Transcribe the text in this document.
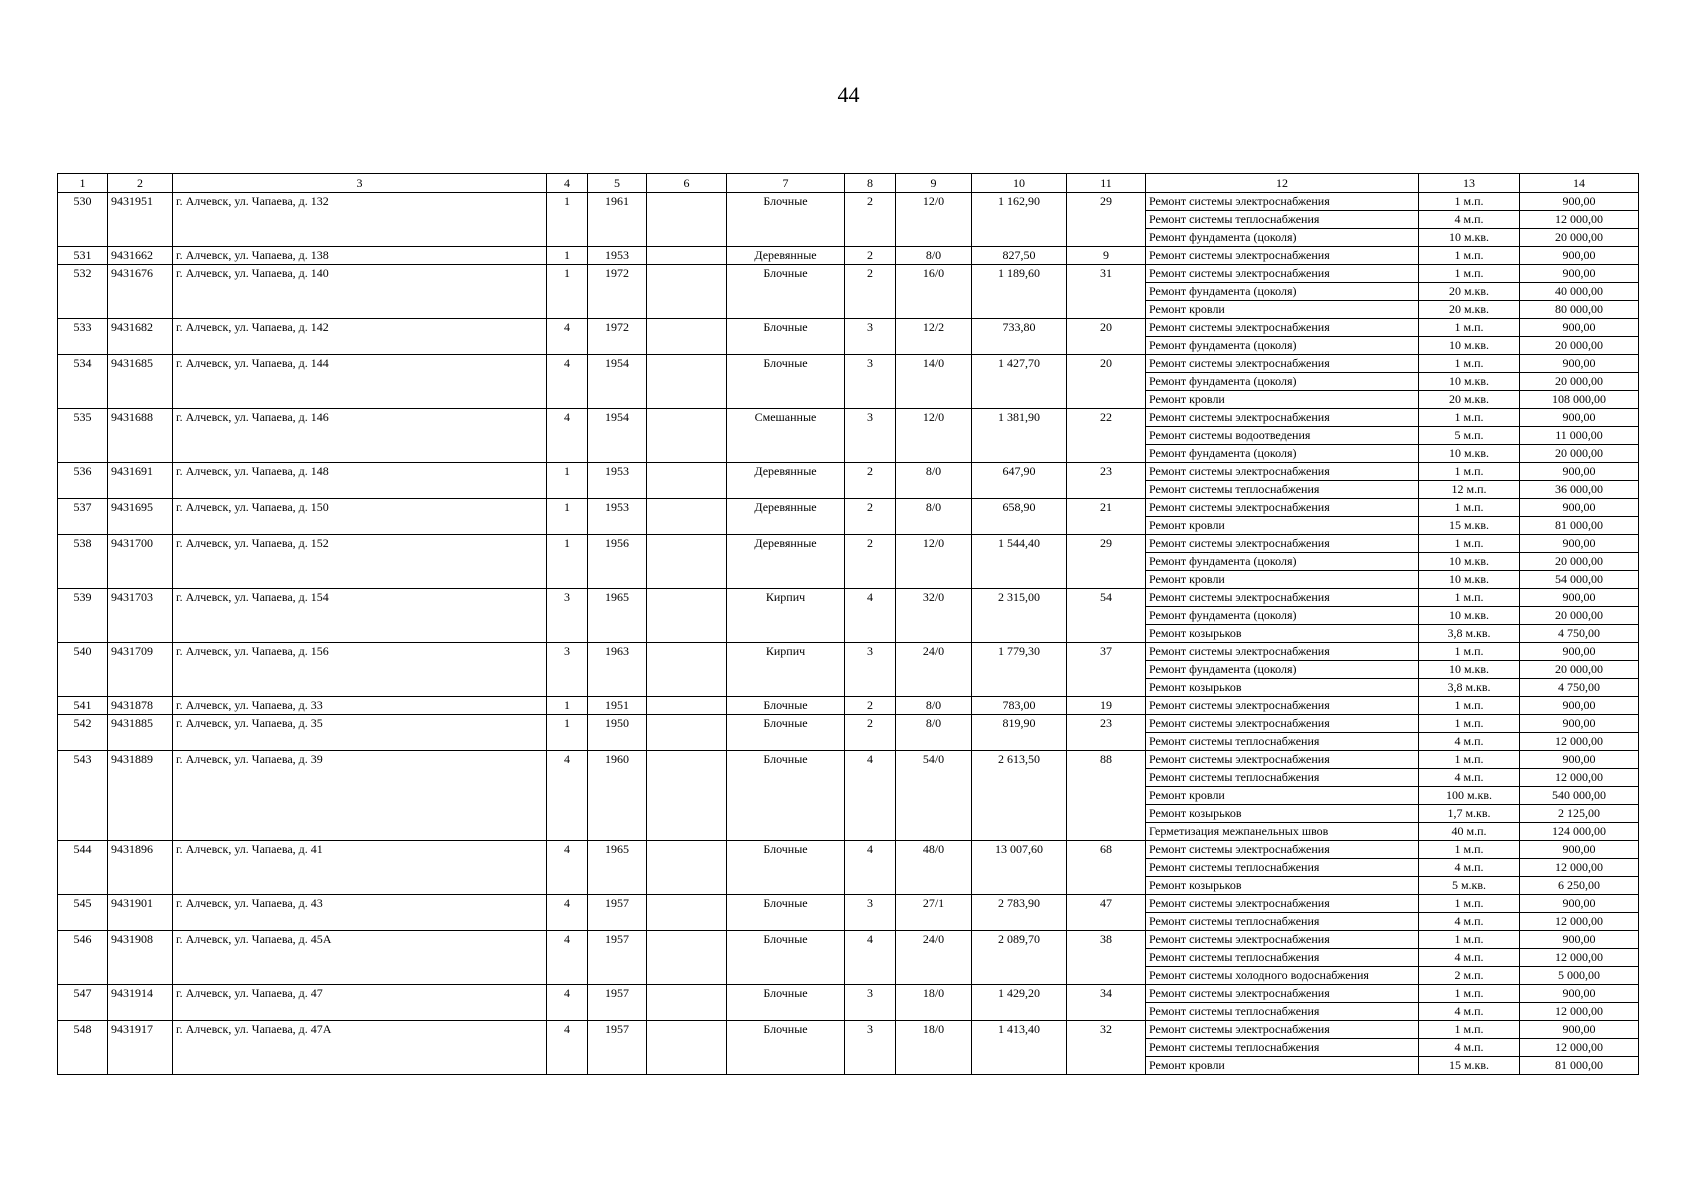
44
1	2	3	4	5	6	7	8	9	10	11	12	13	14
530	9431951	г. Алчевск, ул. Чапаева, д. 132	1	1961		Блочные	2	12/0	1 162,90	29	Ремонт системы электроснабжения	1 м.п.	900,00
											Ремонт системы теплоснабжения	4 м.п.	12 000,00
											Ремонт фундамента (цоколя)	10 м.кв.	20 000,00
531	9431662	г. Алчевск, ул. Чапаева, д. 138	1	1953		Деревянные	2	8/0	827,50	9	Ремонт системы электроснабжения	1 м.п.	900,00
532	9431676	г. Алчевск, ул. Чапаева, д. 140	1	1972		Блочные	2	16/0	1 189,60	31	Ремонт системы электроснабжения	1 м.п.	900,00
											Ремонт фундамента (цоколя)	20 м.кв.	40 000,00
											Ремонт кровли	20 м.кв.	80 000,00
533	9431682	г. Алчевск, ул. Чапаева, д. 142	4	1972		Блочные	3	12/2	733,80	20	Ремонт системы электроснабжения	1 м.п.	900,00
											Ремонт фундамента (цоколя)	10 м.кв.	20 000,00
534	9431685	г. Алчевск, ул. Чапаева, д. 144	4	1954		Блочные	3	14/0	1 427,70	20	Ремонт системы электроснабжения	1 м.п.	900,00
											Ремонт фундамента (цоколя)	10 м.кв.	20 000,00
											Ремонт кровли	20 м.кв.	108 000,00
535	9431688	г. Алчевск, ул. Чапаева, д. 146	4	1954		Смешанные	3	12/0	1 381,90	22	Ремонт системы электроснабжения	1 м.п.	900,00
											Ремонт системы водоотведения	5 м.п.	11 000,00
											Ремонт фундамента (цоколя)	10 м.кв.	20 000,00
536	9431691	г. Алчевск, ул. Чапаева, д. 148	1	1953		Деревянные	2	8/0	647,90	23	Ремонт системы электроснабжения	1 м.п.	900,00
											Ремонт системы теплоснабжения	12 м.п.	36 000,00
537	9431695	г. Алчевск, ул. Чапаева, д. 150	1	1953		Деревянные	2	8/0	658,90	21	Ремонт системы электроснабжения	1 м.п.	900,00
											Ремонт кровли	15 м.кв.	81 000,00
538	9431700	г. Алчевск, ул. Чапаева, д. 152	1	1956		Деревянные	2	12/0	1 544,40	29	Ремонт системы электроснабжения	1 м.п.	900,00
											Ремонт фундамента (цоколя)	10 м.кв.	20 000,00
											Ремонт кровли	10 м.кв.	54 000,00
539	9431703	г. Алчевск, ул. Чапаева, д. 154	3	1965		Кирпич	4	32/0	2 315,00	54	Ремонт системы электроснабжения	1 м.п.	900,00
											Ремонт фундамента (цоколя)	10 м.кв.	20 000,00
											Ремонт козырьков	3,8 м.кв.	4 750,00
540	9431709	г. Алчевск, ул. Чапаева, д. 156	3	1963		Кирпич	3	24/0	1 779,30	37	Ремонт системы электроснабжения	1 м.п.	900,00
											Ремонт фундамента (цоколя)	10 м.кв.	20 000,00
											Ремонт козырьков	3,8 м.кв.	4 750,00
541	9431878	г. Алчевск, ул. Чапаева, д. 33	1	1951		Блочные	2	8/0	783,00	19	Ремонт системы электроснабжения	1 м.п.	900,00
542	9431885	г. Алчевск, ул. Чапаева, д. 35	1	1950		Блочные	2	8/0	819,90	23	Ремонт системы электроснабжения	1 м.п.	900,00
											Ремонт системы теплоснабжения	4 м.п.	12 000,00
543	9431889	г. Алчевск, ул. Чапаева, д. 39	4	1960		Блочные	4	54/0	2 613,50	88	Ремонт системы электроснабжения	1 м.п.	900,00
											Ремонт системы теплоснабжения	4 м.п.	12 000,00
											Ремонт кровли	100 м.кв.	540 000,00
											Ремонт козырьков	1,7 м.кв.	2 125,00
											Герметизация межпанельных швов	40 м.п.	124 000,00
544	9431896	г. Алчевск, ул. Чапаева, д. 41	4	1965		Блочные	4	48/0	13 007,60	68	Ремонт системы электроснабжения	1 м.п.	900,00
											Ремонт системы теплоснабжения	4 м.п.	12 000,00
											Ремонт козырьков	5 м.кв.	6 250,00
545	9431901	г. Алчевск, ул. Чапаева, д. 43	4	1957		Блочные	3	27/1	2 783,90	47	Ремонт системы электроснабжения	1 м.п.	900,00
											Ремонт системы теплоснабжения	4 м.п.	12 000,00
546	9431908	г. Алчевск, ул. Чапаева, д. 45А	4	1957		Блочные	4	24/0	2 089,70	38	Ремонт системы электроснабжения	1 м.п.	900,00
											Ремонт системы теплоснабжения	4 м.п.	12 000,00
											Ремонт системы холодного водоснабжения	2 м.п.	5 000,00
547	9431914	г. Алчевск, ул. Чапаева, д. 47	4	1957		Блочные	3	18/0	1 429,20	34	Ремонт системы электроснабжения	1 м.п.	900,00
											Ремонт системы теплоснабжения	4 м.п.	12 000,00
548	9431917	г. Алчевск, ул. Чапаева, д. 47А	4	1957		Блочные	3	18/0	1 413,40	32	Ремонт системы электроснабжения	1 м.п.	900,00
											Ремонт системы теплоснабжения	4 м.п.	12 000,00
											Ремонт кровли	15 м.кв.	81 000,00
